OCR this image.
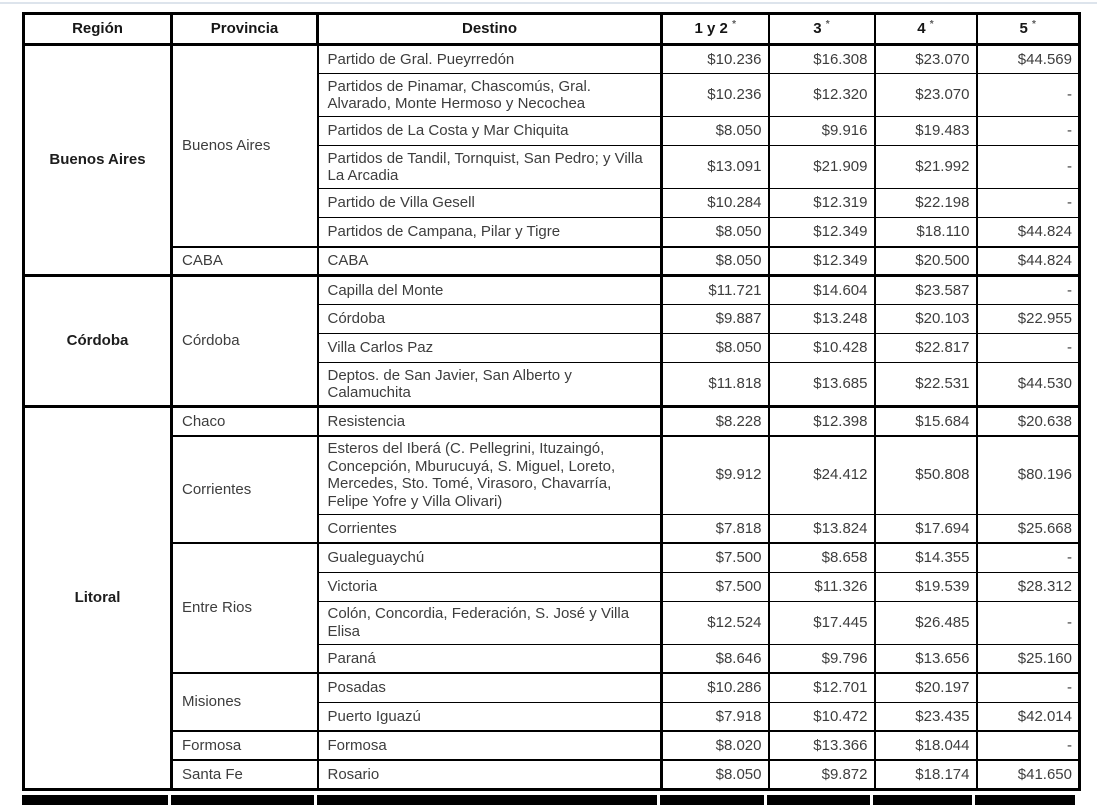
Región	Provincia	Destino	1 y 2 *	3 *	4 *	5 *
Buenos Aires	Buenos Aires	Partido de Gral. Pueyrredón	$10.236	$16.308	$23.070	$44.569
		Partidos de Pinamar, Chascomús, Gral. Alvarado, Monte Hermoso y Necochea	$10.236	$12.320	$23.070	-
		Partidos de La Costa y Mar Chiquita	$8.050	$9.916	$19.483	-
		Partidos de Tandil, Tornquist, San Pedro; y Villa La Arcadia	$13.091	$21.909	$21.992	-
		Partido de Villa Gesell	$10.284	$12.319	$22.198	-
		Partidos de Campana, Pilar y Tigre	$8.050	$12.349	$18.110	$44.824
	CABA	CABA	$8.050	$12.349	$20.500	$44.824
Córdoba	Córdoba	Capilla del Monte	$11.721	$14.604	$23.587	-
		Córdoba	$9.887	$13.248	$20.103	$22.955
		Villa Carlos Paz	$8.050	$10.428	$22.817	-
		Deptos. de San Javier, San Alberto y Calamuchita	$11.818	$13.685	$22.531	$44.530
Litoral	Chaco	Resistencia	$8.228	$12.398	$15.684	$20.638
	Corrientes	Esteros del Iberá (C. Pellegrini, Ituzaingó, Concepción, Mburucuyá, S. Miguel, Loreto, Mercedes, Sto. Tomé, Virasoro, Chavarría, Felipe Yofre y Villa Olivari)	$9.912	$24.412	$50.808	$80.196
		Corrientes	$7.818	$13.824	$17.694	$25.668
	Entre Rios	Gualeguaychú	$7.500	$8.658	$14.355	-
		Victoria	$7.500	$11.326	$19.539	$28.312
		Colón, Concordia, Federación, S. José y Villa Elisa	$12.524	$17.445	$26.485	-
		Paraná	$8.646	$9.796	$13.656	$25.160
	Misiones	Posadas	$10.286	$12.701	$20.197	-
		Puerto Iguazú	$7.918	$10.472	$23.435	$42.014
	Formosa	Formosa	$8.020	$13.366	$18.044	-
	Santa Fe	Rosario	$8.050	$9.872	$18.174	$41.650
